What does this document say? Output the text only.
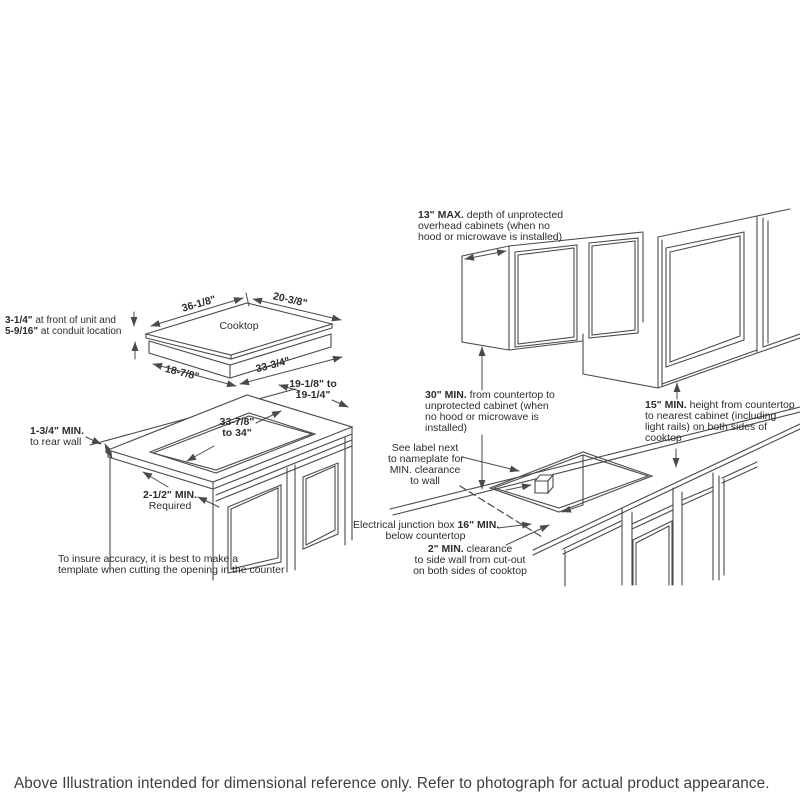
3-1/4" at front of unit and
5-9/16" at conduit location
36-1/8"	20-3/8"
Cooktop
18-7/8"	33-3/4"
19-1/8" to
19-1/4"
1-3/4" MIN.
to rear wall
33-7/8"
to 34"
2-1/2" MIN.
Required
To insure accuracy, it is best to make a
template when cutting the opening in the counter
13" MAX. depth of unprotected
overhead cabinets (when no
hood or microwave is installed)
30" MIN. from countertop to
unprotected cabinet (when
no hood or microwave is
installed)
15" MIN. height from countertop
to nearest cabinet (including
light rails) on both sides of
cooktop
See label next
to nameplate for
MIN. clearance
to wall
Electrical junction box 16" MIN.
below countertop
2" MIN. clearance
to side wall from cut-out
on both sides of cooktop
Above Illustration intended for dimensional reference only. Refer to photograph for actual product appearance.
